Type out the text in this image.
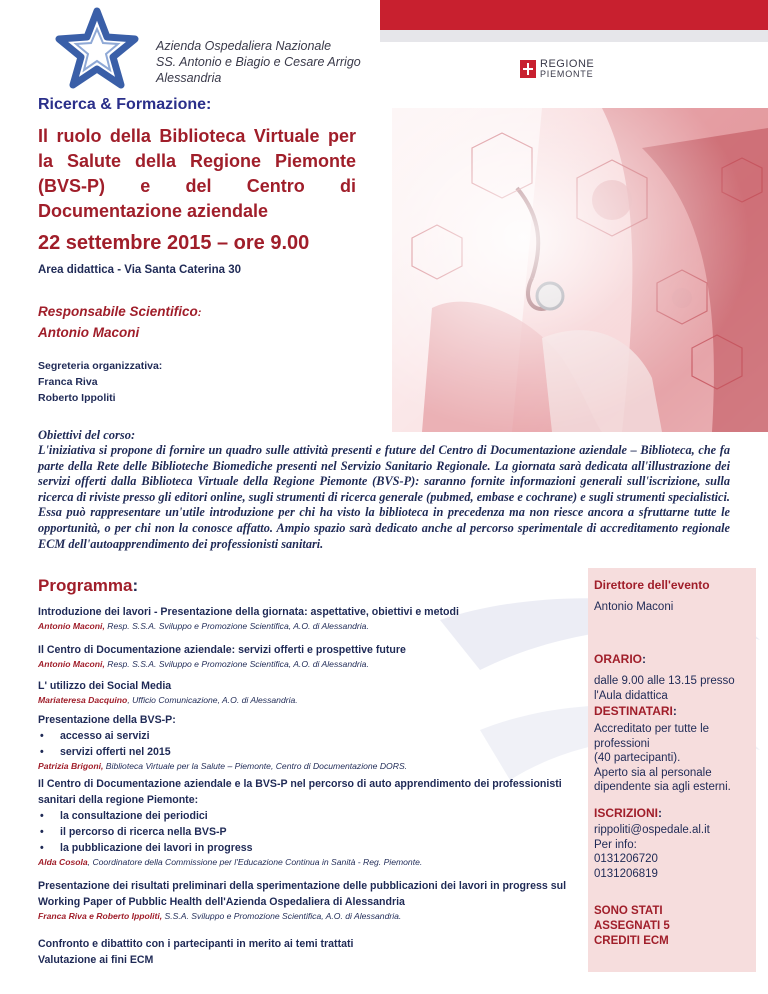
Azienda Ospedaliera Nazionale
SS. Antonio e Biagio e Cesare Arrigo
Alessandria
REGIONE
PIEMONTE
Ricerca & Formazione:
Il ruolo della Biblioteca Virtuale per la Salute della Regione Piemonte (BVS-P) e del Centro di Documentazione aziendale
22 settembre 2015 – ore 9.00
Area didattica - Via Santa Caterina 30
Responsabile Scientifico:
Antonio Maconi
Segreteria organizzativa:
Franca Riva
Roberto Ippoliti
Obiettivi del corso:
L'iniziativa si propone di fornire un quadro sulle attività presenti e future del Centro di Documentazione aziendale – Biblioteca, che fa parte della Rete delle Biblioteche Biomediche presenti nel Servizio Sanitario Regionale. La giornata sarà dedicata all'illustrazione dei servizi offerti dalla Biblioteca Virtuale della Regione Piemonte (BVS-P): saranno fornite informazioni generali sull'iscrizione, sulla ricerca di riviste presso gli editori online, sugli strumenti di ricerca generale (pubmed, embase e cochrane) e sugli strumenti specialistici. Essa può rappresentare un'utile introduzione per chi ha visto la biblioteca in precedenza ma non riesce ancora a sfruttarne tutte le opportunità, o per chi non la conosce affatto. Ampio spazio sarà dedicato anche al percorso sperimentale di accreditamento regionale ECM dell'autoapprendimento dei professionisti sanitari.
Programma:
Introduzione dei lavori - Presentazione della giornata: aspettative, obiettivi e metodi
Antonio Maconi, Resp. S.S.A. Sviluppo e Promozione Scientifica, A.O. di Alessandria.
Il Centro di Documentazione aziendale: servizi offerti e prospettive future
Antonio Maconi, Resp. S.S.A. Sviluppo e Promozione Scientifica, A.O. di Alessandria.
L' utilizzo dei Social Media
Mariateresa Dacquino, Ufficio Comunicazione, A.O. di Alessandria.
Presentazione della BVS-P:
• accesso ai servizi
• servizi offerti nel 2015
Patrizia Brigoni, Biblioteca Virtuale per la Salute – Piemonte, Centro di Documentazione DORS.
Il Centro di Documentazione aziendale e la BVS-P nel percorso di auto apprendimento dei professionisti sanitari della regione Piemonte:
• la consultazione dei periodici
• il percorso di ricerca nella BVS-P
• la pubblicazione dei lavori in progress
Alda Cosola, Coordinatore della Commissione per l'Educazione Continua in Sanità - Reg. Piemonte.
Presentazione dei risultati preliminari della sperimentazione delle pubblicazioni dei lavori in progress sul Working Paper of Pubblic Health dell'Azienda Ospedaliera di Alessandria
Franca Riva e Roberto Ippoliti, S.S.A. Sviluppo e Promozione Scientifica, A.O. di Alessandria.
Confronto e dibattito con i partecipanti in merito ai temi trattati
Valutazione ai fini ECM
Direttore dell'evento
Antonio Maconi
ORARIO:
dalle 9.00 alle 13.15 presso
l'Aula didattica
DESTINATARI:
Accreditato per tutte le
professioni
(40 partecipanti).
Aperto sia al personale
dipendente sia agli esterni.
ISCRIZIONI:
rippoliti@ospedale.al.it
Per info:
0131206720
0131206819
SONO STATI
ASSEGNATI 5
CREDITI ECM
